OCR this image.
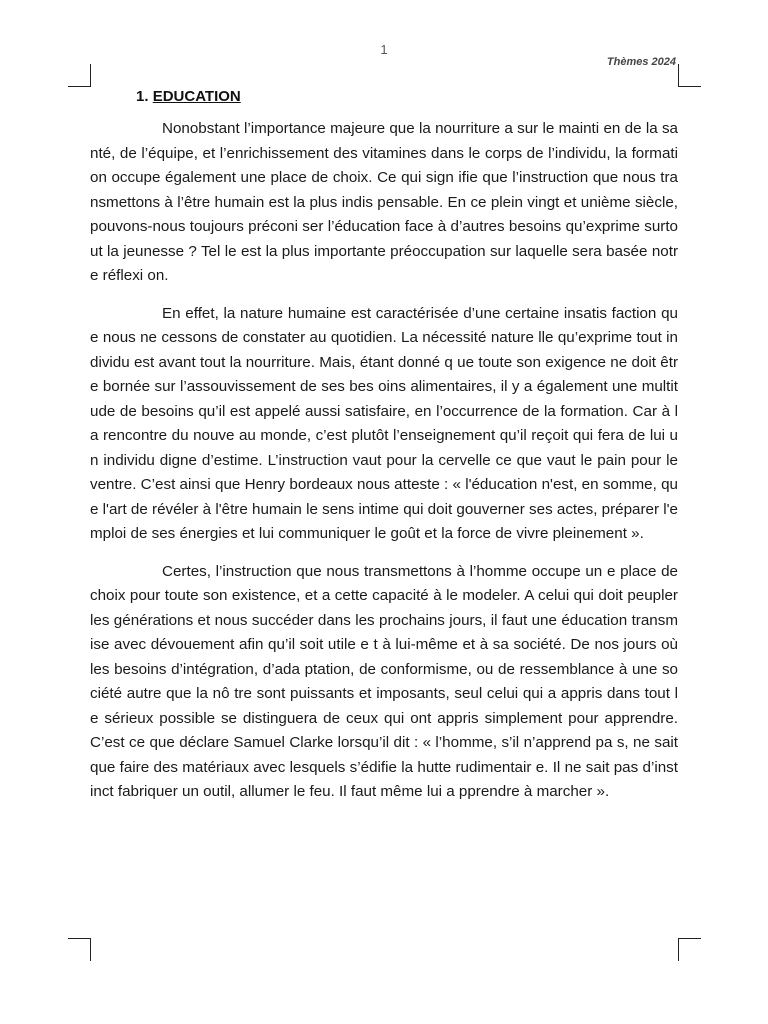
1
Thèmes 2024
1. EDUCATION

Nonobstant l’importance majeure que la nourriture a sur le mainti en de la santé, de l’équipe, et l’enrichissement des vitamines dans le corps de l’individu, la formation occupe également une place de choix. Ce qui sign ifie que l’instruction que nous transmettons à l’être humain est la plus indis pensable. En ce plein vingt et unième siècle, pouvons-nous toujours préconi ser l’éducation face à d’autres besoins qu’exprime surtout la jeunesse ? Tel le est la plus importante préoccupation sur laquelle sera basée notre réflexi on.

En effet, la nature humaine est caractérisée d’une certaine insatis faction que nous ne cessons de constater au quotidien. La nécessité nature lle qu’exprime tout individu est avant tout la nourriture. Mais, étant donné q ue toute son exigence ne doit être bornée sur l’assouvissement de ses bes oins alimentaires, il y a également une multitude de besoins qu’il est appelé aussi satisfaire, en l’occurrence de la formation. Car à la rencontre du nouve au monde, c’est plutôt l’enseignement qu’il reçoit qui fera de lui un individu digne d’estime. L’instruction vaut pour la cervelle ce que vaut le pain pour le ventre. C’est ainsi que Henry bordeaux nous atteste : « l'éducation n'est, en somme, que l'art de révéler à l'être humain le sens intime qui doit gouverner ses actes, préparer l'emploi de ses énergies et lui communiquer le goût et la force de vivre pleinement ».

Certes, l’instruction que nous transmettons à l’homme occupe un e place de choix pour toute son existence, et a cette capacité à le modeler. A celui qui doit peupler les générations et nous succéder dans les prochains jours, il faut une éducation transmise avec dévouement afin qu’il soit utile e t à lui-même et à sa société. De nos jours où les besoins d’intégration, d’ada ptation, de conformisme, ou de ressemblance à une société autre que la nô tre sont puissants et imposants, seul celui qui a appris dans tout le sérieux possible se distinguera de ceux qui ont appris simplement pour apprendre. C’est ce que déclare Samuel Clarke lorsqu’il dit : « l’homme, s’il n’apprend pa s, ne sait que faire des matériaux avec lesquels s’édifie la hutte rudimentair e. Il ne sait pas d’instinct fabriquer un outil, allumer le feu. Il faut même lui a pprendre à marcher ».
